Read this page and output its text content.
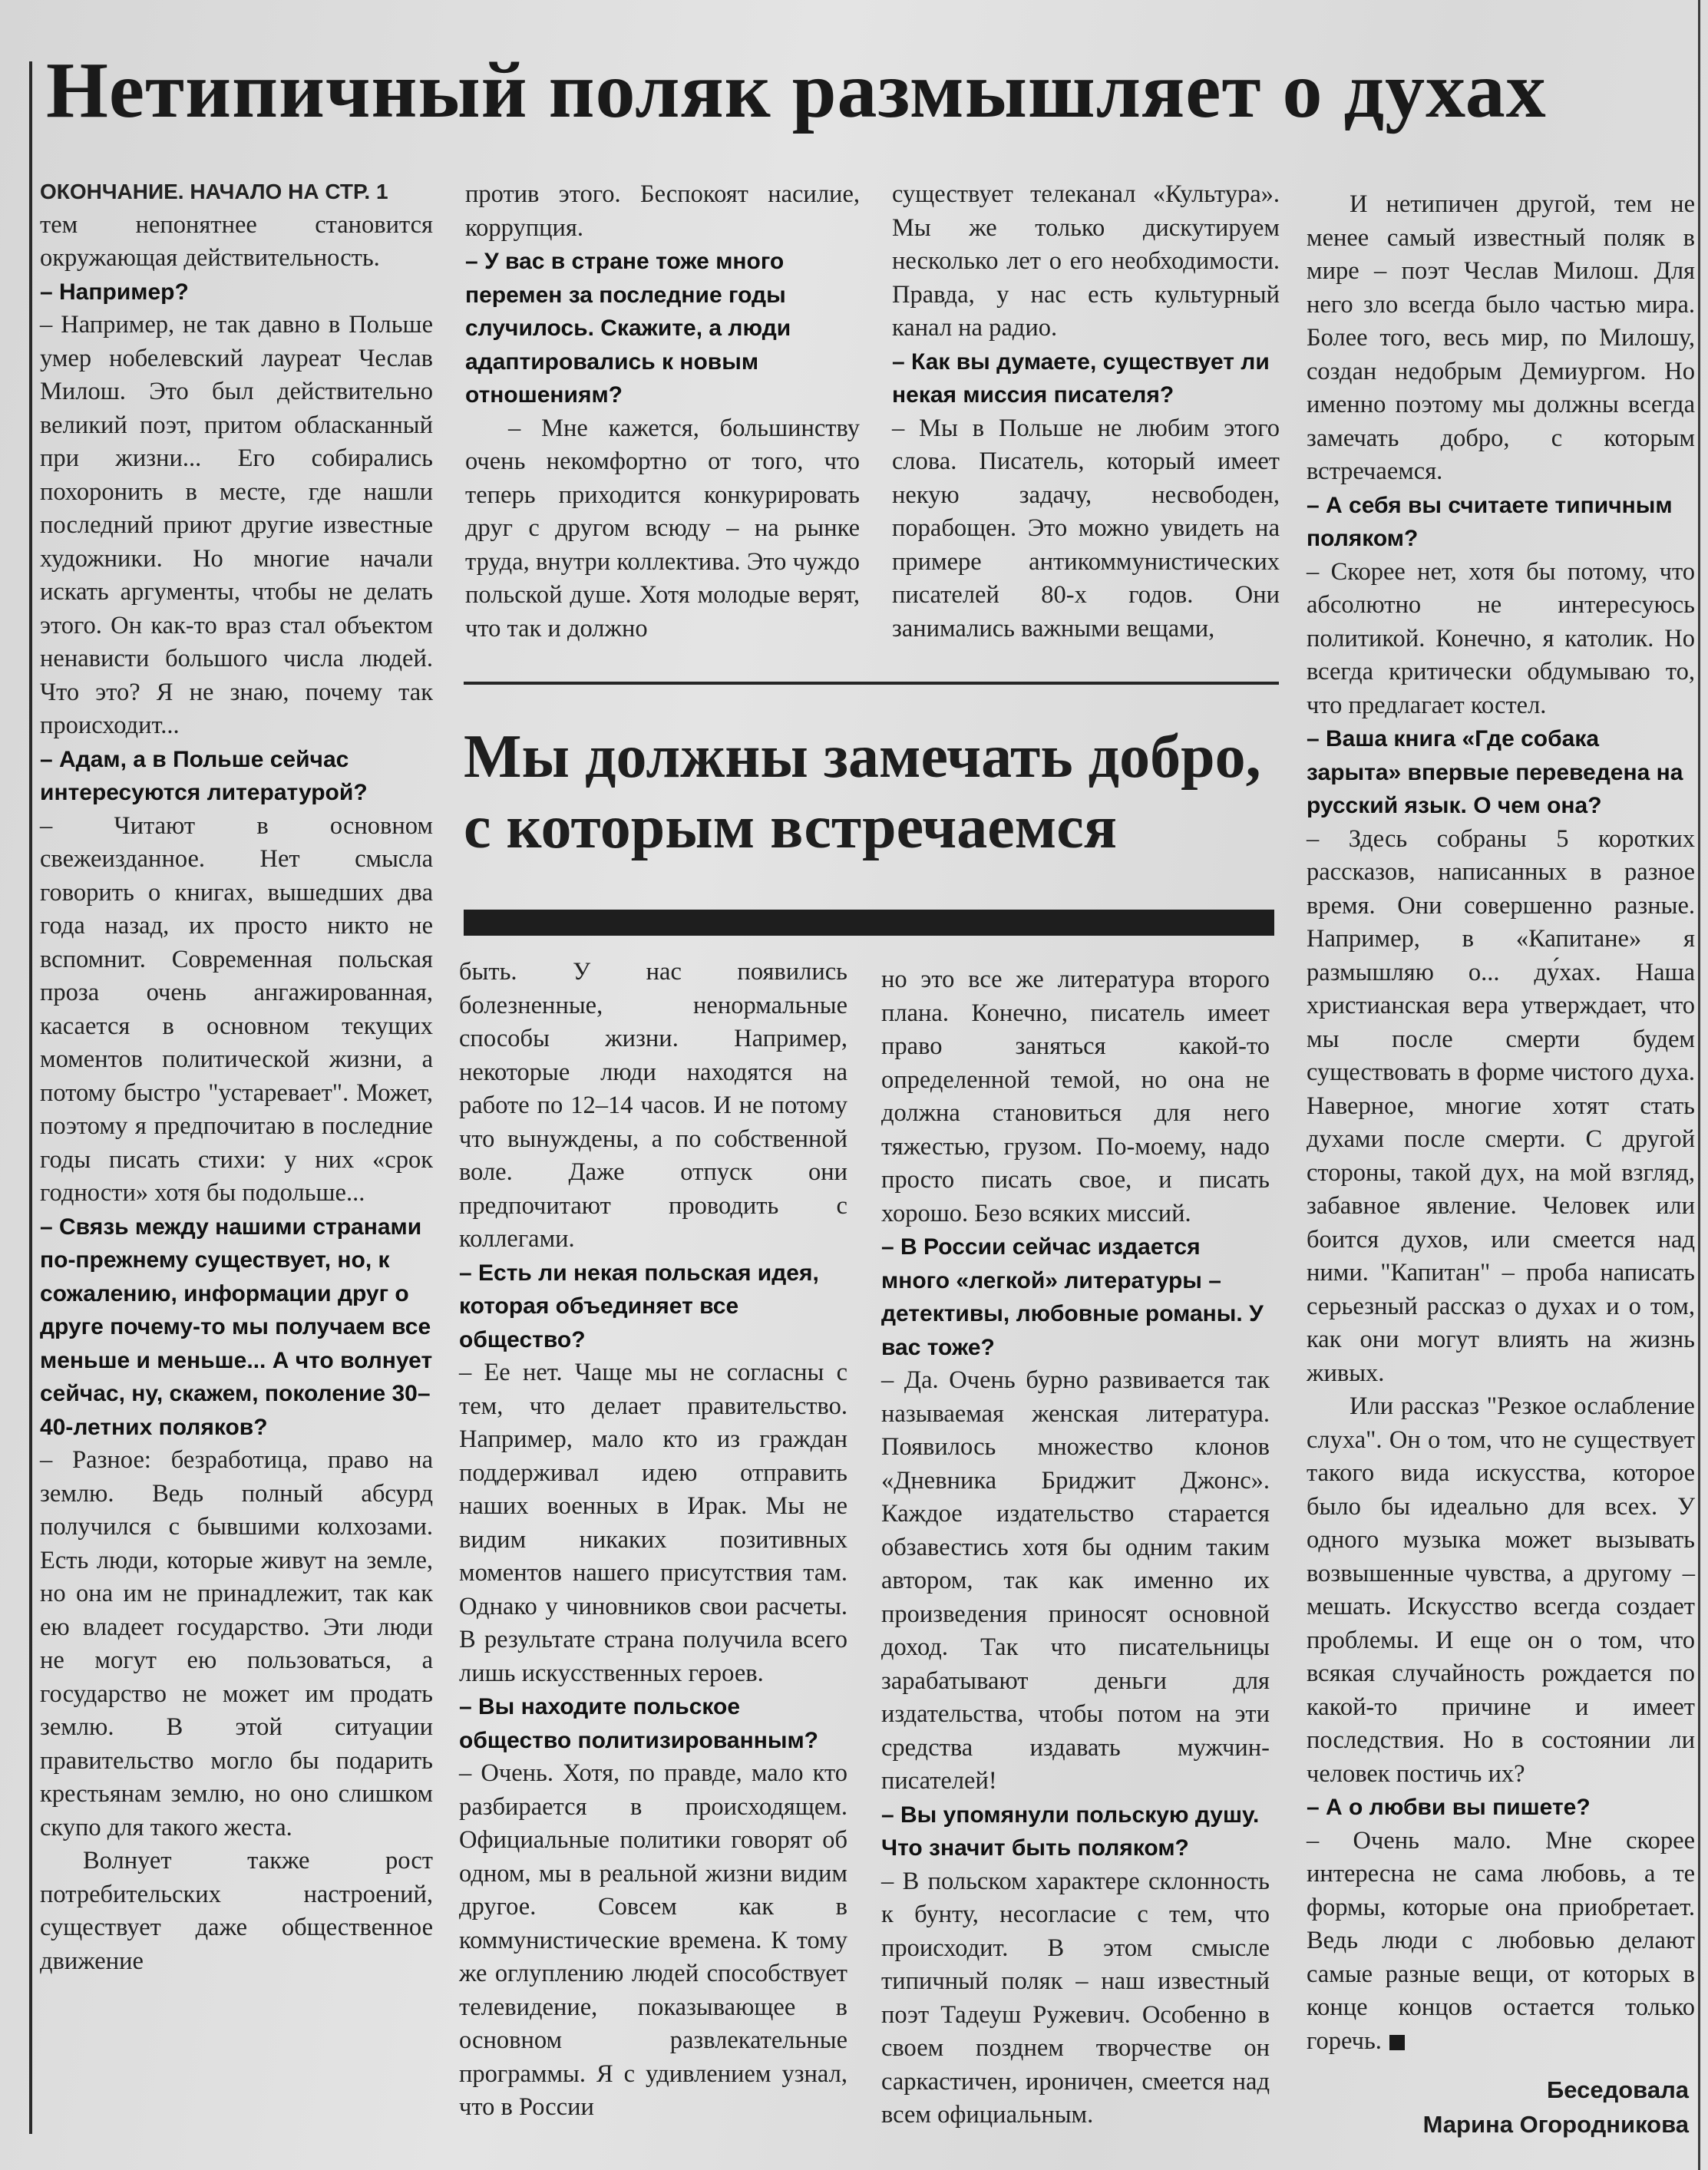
Нетипичный поляк размышляет о духах

ОКОНЧАНИЕ. НАЧАЛО НА СТР. 1

тем непонятнее становится окружающая действительность.

– Например?

– Например, не так давно в Польше умер нобелевский лауреат Чеслав Милош. Это был действительно великий поэт, притом обласканный при жизни... Его собирались похоронить в месте, где нашли последний приют другие известные художники. Но многие начали искать аргументы, чтобы не делать этого. Он как-то враз стал объектом ненависти большого числа людей. Что это? Я не знаю, почему так происходит...

– Адам, а в Польше сейчас интересуются литературой?

– Читают в основном свежеизданное. Нет смысла говорить о книгах, вышедших два года назад, их просто никто не вспомнит. Современная польская проза очень ангажированная, касается в основном текущих моментов политической жизни, а потому быстро "устаревает". Может, поэтому я предпочитаю в последние годы писать стихи: у них «срок годности» хотя бы подольше...

– Связь между нашими странами по-прежнему существует, но, к сожалению, информации друг о друге почему-то мы получаем все меньше и меньше... А что волнует сейчас, ну, скажем, поколение 30–40-летних поляков?

– Разное: безработица, право на землю. Ведь полный абсурд получился с бывшими колхозами. Есть люди, которые живут на земле, но она им не принадлежит, так как ею владеет государство. Эти люди не могут ею пользоваться, а государство не может им продать землю. В этой ситуации правительство могло бы подарить крестьянам землю, но оно слишком скупо для такого жеста.

Волнует также рост потребительских настроений, существует даже общественное движение

против этого. Беспокоят насилие, коррупция.

– У вас в стране тоже много перемен за последние годы случилось. Скажите, а люди адаптировались к новым отношениям?

– Мне кажется, большинству очень некомфортно от того, что теперь приходится конкурировать друг с другом всюду – на рынке труда, внутри коллектива. Это чуждо польской душе. Хотя молодые верят, что так и должно

существует телеканал «Культура». Мы же только дискутируем несколько лет о его необходимости. Правда, у нас есть культурный канал на радио.

– Как вы думаете, существует ли некая миссия писателя?

– Мы в Польше не любим этого слова. Писатель, который имеет некую задачу, несвободен, порабощен. Это можно увидеть на примере антикоммунистических писателей 80-х годов. Они занимались важными вещами,

Мы должны замечать добро, с которым встречаемся

быть. У нас появились болезненные, ненормальные способы жизни. Например, некоторые люди находятся на работе по 12–14 часов. И не потому что вынуждены, а по собственной воле. Даже отпуск они предпочитают проводить с коллегами.

– Есть ли некая польская идея, которая объединяет все общество?

– Ее нет. Чаще мы не согласны с тем, что делает правительство. Например, мало кто из граждан поддерживал идею отправить наших военных в Ирак. Мы не видим никаких позитивных моментов нашего присутствия там. Однако у чиновников свои расчеты. В результате страна получила всего лишь искусственных героев.

– Вы находите польское общество политизированным?

– Очень. Хотя, по правде, мало кто разбирается в происходящем. Официальные политики говорят об одном, мы в реальной жизни видим другое. Совсем как в коммунистические времена. К тому же оглуплению людей способствует телевидение, показывающее в основном развлекательные программы. Я с удивлением узнал, что в России

но это все же литература второго плана. Конечно, писатель имеет право заняться какой-то определенной темой, но она не должна становиться для него тяжестью, грузом. По-моему, надо просто писать свое, и писать хорошо. Безо всяких миссий.

– В России сейчас издается много «легкой» литературы – детективы, любовные романы. У вас тоже?

– Да. Очень бурно развивается так называемая женская литература. Появилось множество клонов «Дневника Бриджит Джонс». Каждое издательство старается обзавестись хотя бы одним таким автором, так как именно их произведения приносят основной доход. Так что писательницы зарабатывают деньги для издательства, чтобы потом на эти средства издавать мужчин-писателей!

– Вы упомянули польскую душу. Что значит быть поляком?

– В польском характере склонность к бунту, несогласие с тем, что происходит. В этом смысле типичный поляк – наш известный поэт Тадеуш Ружевич. Особенно в своем позднем творчестве он саркастичен, ироничен, смеется над всем официальным.

И нетипичен другой, тем не менее самый известный поляк в мире – поэт Чеслав Милош. Для него зло всегда было частью мира. Более того, весь мир, по Милошу, создан недобрым Демиургом. Но именно поэтому мы должны всегда замечать добро, с которым встречаемся.

– А себя вы считаете типичным поляком?

– Скорее нет, хотя бы потому, что абсолютно не интересуюсь политикой. Конечно, я католик. Но всегда критически обдумываю то, что предлагает костел.

– Ваша книга «Где собака зарыта» впервые переведена на русский язык. О чем она?

– Здесь собраны 5 коротких рассказов, написанных в разное время. Они совершенно разные. Например, в «Капитане» я размышляю о... ду́хах. Наша христианская вера утверждает, что мы после смерти будем существовать в форме чистого духа. Наверное, многие хотят стать духами после смерти. С другой стороны, такой дух, на мой взгляд, забавное явление. Человек или боится духов, или смеется над ними. "Капитан" – проба написать серьезный рассказ о духах и о том, как они могут влиять на жизнь живых.

Или рассказ "Резкое ослабление слуха". Он о том, что не существует такого вида искусства, которое было бы идеально для всех. У одного музыка может вызывать возвышенные чувства, а другому – мешать. Искусство всегда создает проблемы. И еще он о том, что всякая случайность рождается по какой-то причине и имеет последствия. Но в состоянии ли человек постичь их?

– А о любви вы пишете?

– Очень мало. Мне скорее интересна не сама любовь, а те формы, которые она приобретает. Ведь люди с любовью делают самые разные вещи, от которых в конце концов остается только горечь.

Беседовала
Марина Огородникова
